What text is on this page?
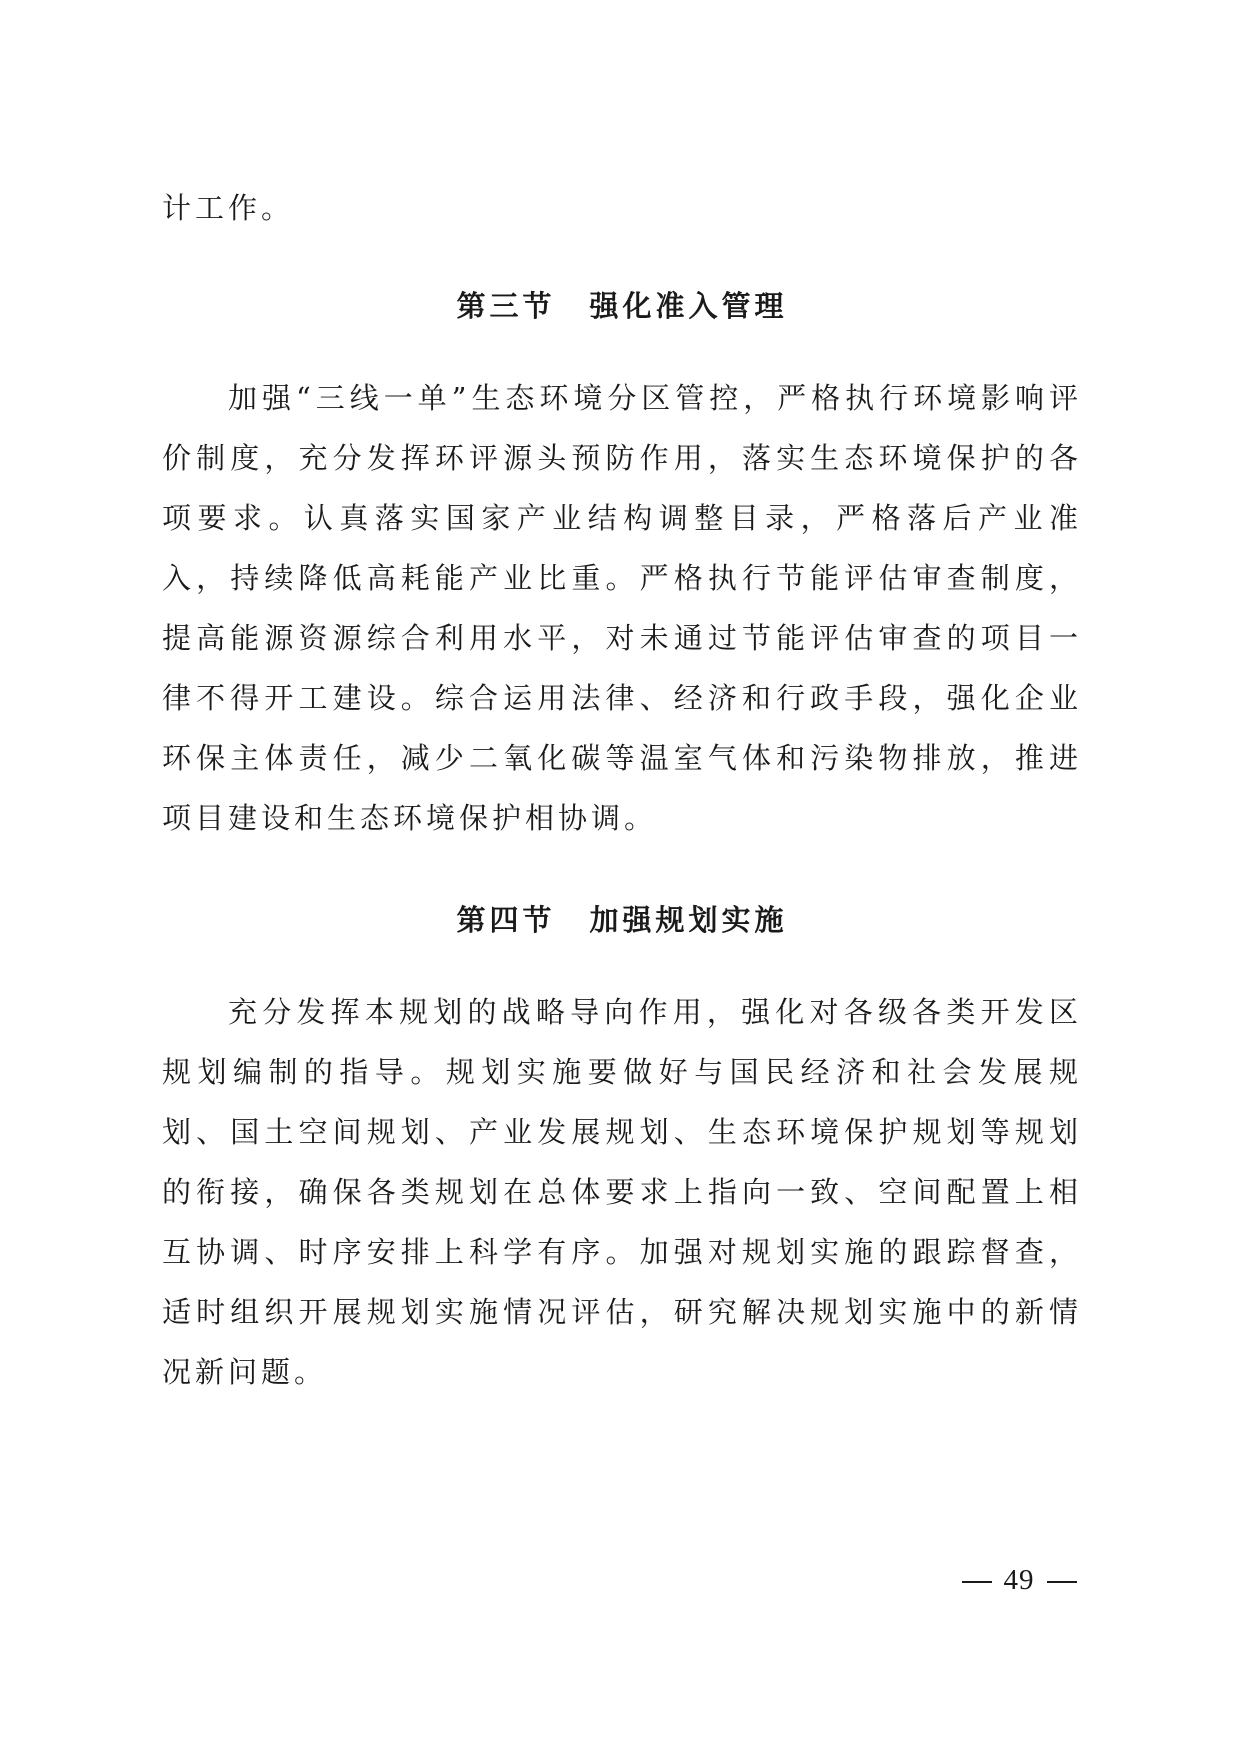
计工作。
第三节 强化准入管理
加强“三线一单”生态环境分区管控，严格执行环境影响评价制度，充分发挥环评源头预防作用，落实生态环境保护的各项要求。认真落实国家产业结构调整目录，严格落后产业准入，持续降低高耗能产业比重。严格执行节能评估审查制度，提高能源资源综合利用水平，对未通过节能评估审查的项目一律不得开工建设。综合运用法律、经济和行政手段，强化企业环保主体责任，减少二氧化碳等温室气体和污染物排放，推进项目建设和生态环境保护相协调。
第四节 加强规划实施
充分发挥本规划的战略导向作用，强化对各级各类开发区规划编制的指导。规划实施要做好与国民经济和社会发展规划、国土空间规划、产业发展规划、生态环境保护规划等规划的衔接，确保各类规划在总体要求上指向一致、空间配置上相互协调、时序安排上科学有序。加强对规划实施的跟踪督查，适时组织开展规划实施情况评估，研究解决规划实施中的新情况新问题。
49
